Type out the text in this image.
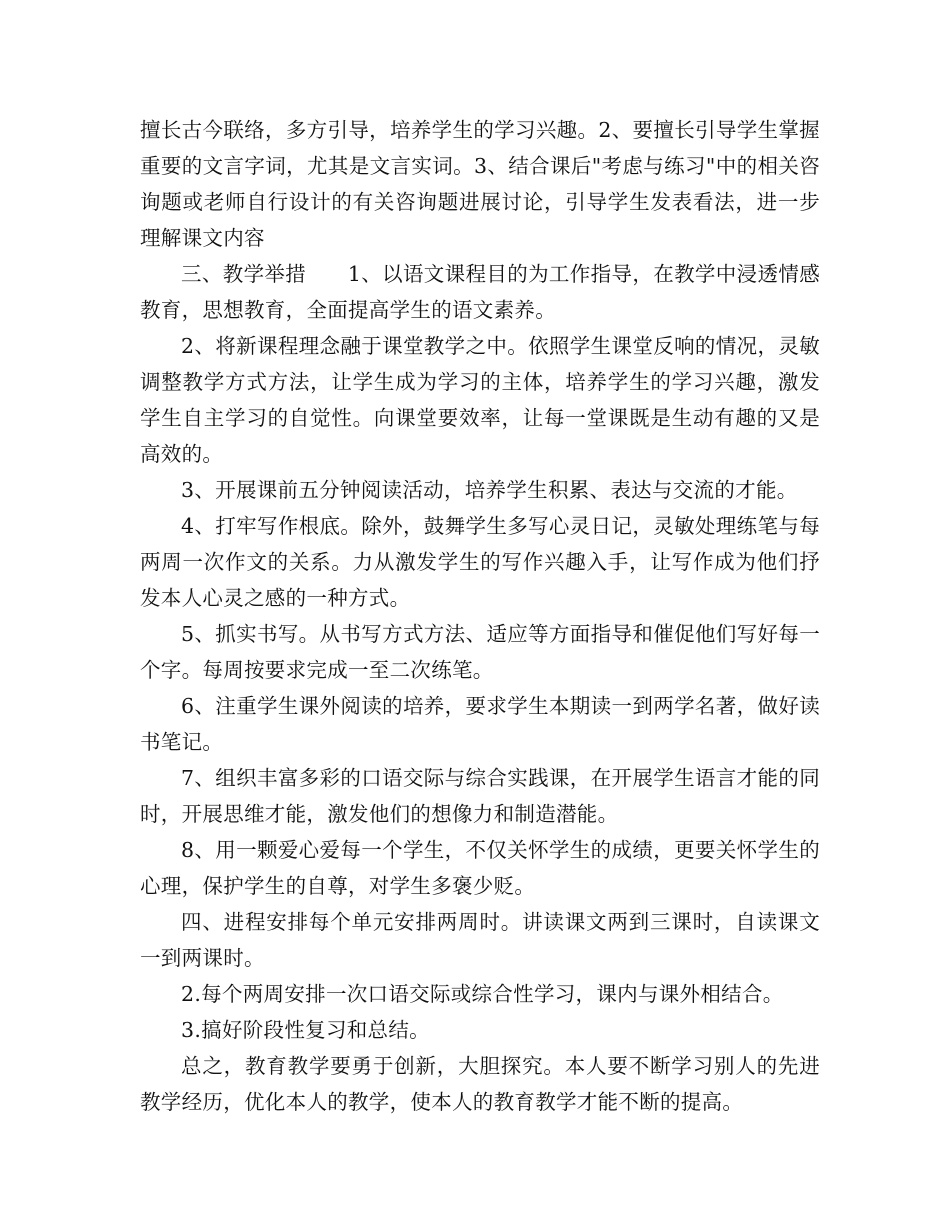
擅长古今联络，多方引导，培养学生的学习兴趣。2、要擅长引导学生掌握重要的文言字词，尤其是文言实词。3、结合课后"考虑与练习"中的相关咨询题或老师自行设计的有关咨询题进展讨论，引导学生发表看法，进一步理解课文内容

三、教学举措　　1、以语文课程目的为工作指导，在教学中浸透情感教育，思想教育，全面提高学生的语文素养。

2、将新课程理念融于课堂教学之中。依照学生课堂反响的情况，灵敏调整教学方式方法，让学生成为学习的主体，培养学生的学习兴趣，激发学生自主学习的自觉性。向课堂要效率，让每一堂课既是生动有趣的又是高效的。

3、开展课前五分钟阅读活动，培养学生积累、表达与交流的才能。

4、打牢写作根底。除外，鼓舞学生多写心灵日记，灵敏处理练笔与每两周一次作文的关系。力从激发学生的写作兴趣入手，让写作成为他们抒发本人心灵之感的一种方式。

5、抓实书写。从书写方式方法、适应等方面指导和催促他们写好每一个字。每周按要求完成一至二次练笔。

6、注重学生课外阅读的培养，要求学生本期读一到两学名著，做好读书笔记。

7、组织丰富多彩的口语交际与综合实践课，在开展学生语言才能的同时，开展思维才能，激发他们的想像力和制造潜能。

8、用一颗爱心爱每一个学生，不仅关怀学生的成绩，更要关怀学生的心理，保护学生的自尊，对学生多褒少贬。

四、进程安排每个单元安排两周时。讲读课文两到三课时，自读课文一到两课时。

2.每个两周安排一次口语交际或综合性学习，课内与课外相结合。

3.搞好阶段性复习和总结。

总之，教育教学要勇于创新，大胆探究。本人要不断学习别人的先进教学经历，优化本人的教学，使本人的教育教学才能不断的提高。
